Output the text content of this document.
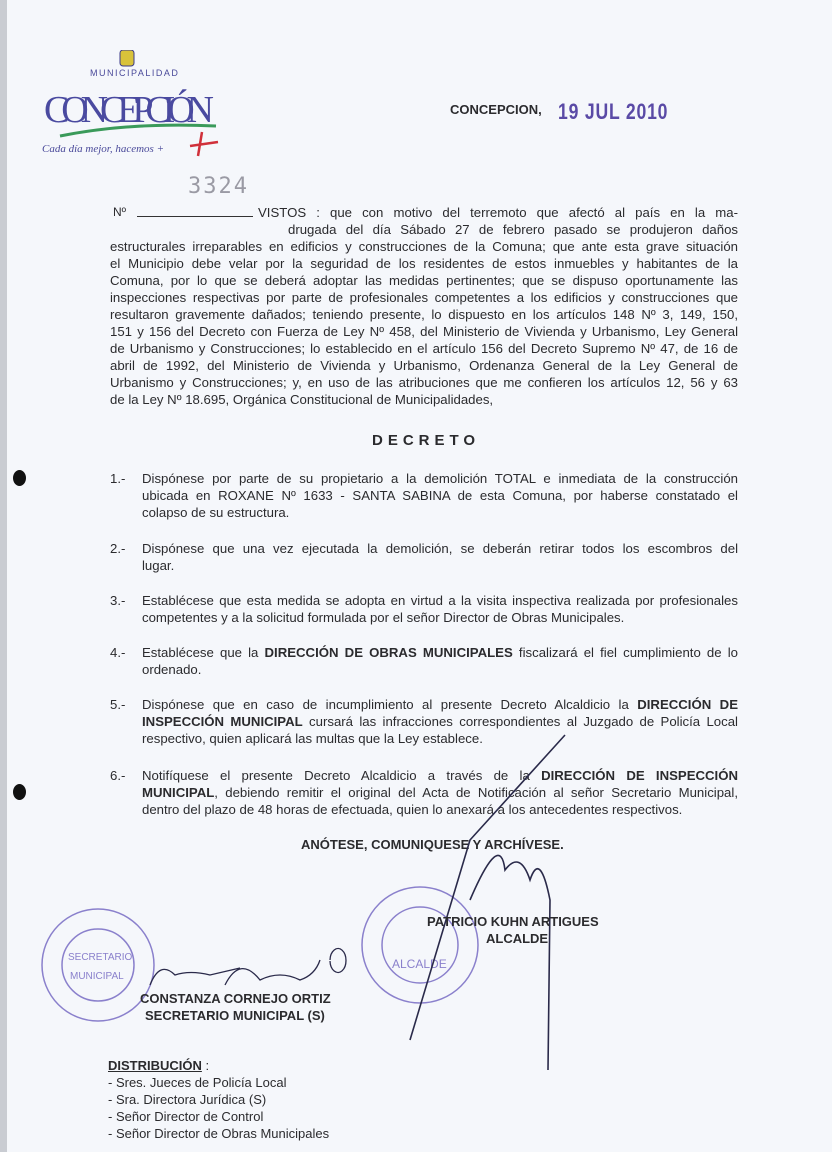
MUNICIPALIDAD
CONCEPCIÓN
Cada día mejor, hacemos +
CONCEPCION, 19 JUL 2010
3324
Nº	VISTOS : que con motivo del terremoto que afectó al país en la ma-
drugada del día Sábado 27 de febrero pasado se produjeron daños
estructurales irreparables en edificios y construcciones de la Comuna; que ante esta grave situación
el Municipio debe velar por la seguridad de los residentes de estos inmuebles y habitantes de la
Comuna, por lo que se deberá adoptar las medidas pertinentes; que se dispuso oportunamente las
inspecciones respectivas por parte de profesionales competentes a los edificios y construcciones que
resultaron gravemente dañados; teniendo presente, lo dispuesto en los artículos 148 Nº 3, 149, 150,
151 y 156 del Decreto con Fuerza de Ley Nº 458, del Ministerio de Vivienda y Urbanismo, Ley General
de Urbanismo y Construcciones; lo establecido en el artículo 156 del Decreto Supremo Nº 47, de 16 de
abril de 1992, del Ministerio de Vivienda y Urbanismo, Ordenanza General de la Ley General de
Urbanismo y Construcciones; y, en uso de las atribuciones que me confieren los artículos 12, 56 y 63
de la Ley Nº 18.695, Orgánica Constitucional de Municipalidades,
DECRETO
1.- Dispónese por parte de su propietario a la demolición TOTAL e inmediata de la construcción
ubicada en ROXANE Nº 1633 - SANTA SABINA de esta Comuna, por haberse constatado el
colapso de su estructura.
2.- Dispónese que una vez ejecutada la demolición, se deberán retirar todos los escombros del
lugar.
3.- Establécese que esta medida se adopta en virtud a la visita inspectiva realizada por profesionales
competentes y a la solicitud formulada por el señor Director de Obras Municipales.
4.- Establécese que la DIRECCIÓN DE OBRAS MUNICIPALES fiscalizará el fiel cumplimiento de lo
ordenado.
5.- Dispónese que en caso de incumplimiento al presente Decreto Alcaldicio la DIRECCIÓN DE
INSPECCIÓN MUNICIPAL cursará las infracciones correspondientes al Juzgado de Policía Local
respectivo, quien aplicará las multas que la Ley establece.
6.- Notifíquese el presente Decreto Alcaldicio a través de la DIRECCIÓN DE INSPECCIÓN
MUNICIPAL, debiendo remitir el original del Acta de Notificación al señor Secretario Municipal,
dentro del plazo de 48 horas de efectuada, quien lo anexará a los antecedentes respectivos.
ANÓTESE, COMUNIQUESE Y ARCHÍVESE.
SECRETARIO
MUNICIPAL
ALCALDE
PATRICIO KUHN ARTIGUES
ALCALDE
CONSTANZA CORNEJO ORTIZ
SECRETARIO MUNICIPAL (S)
DISTRIBUCIÓN :
- Sres. Jueces de Policía Local
- Sra. Directora Jurídica (S)
- Señor Director de Control
- Señor Director de Obras Municipales
